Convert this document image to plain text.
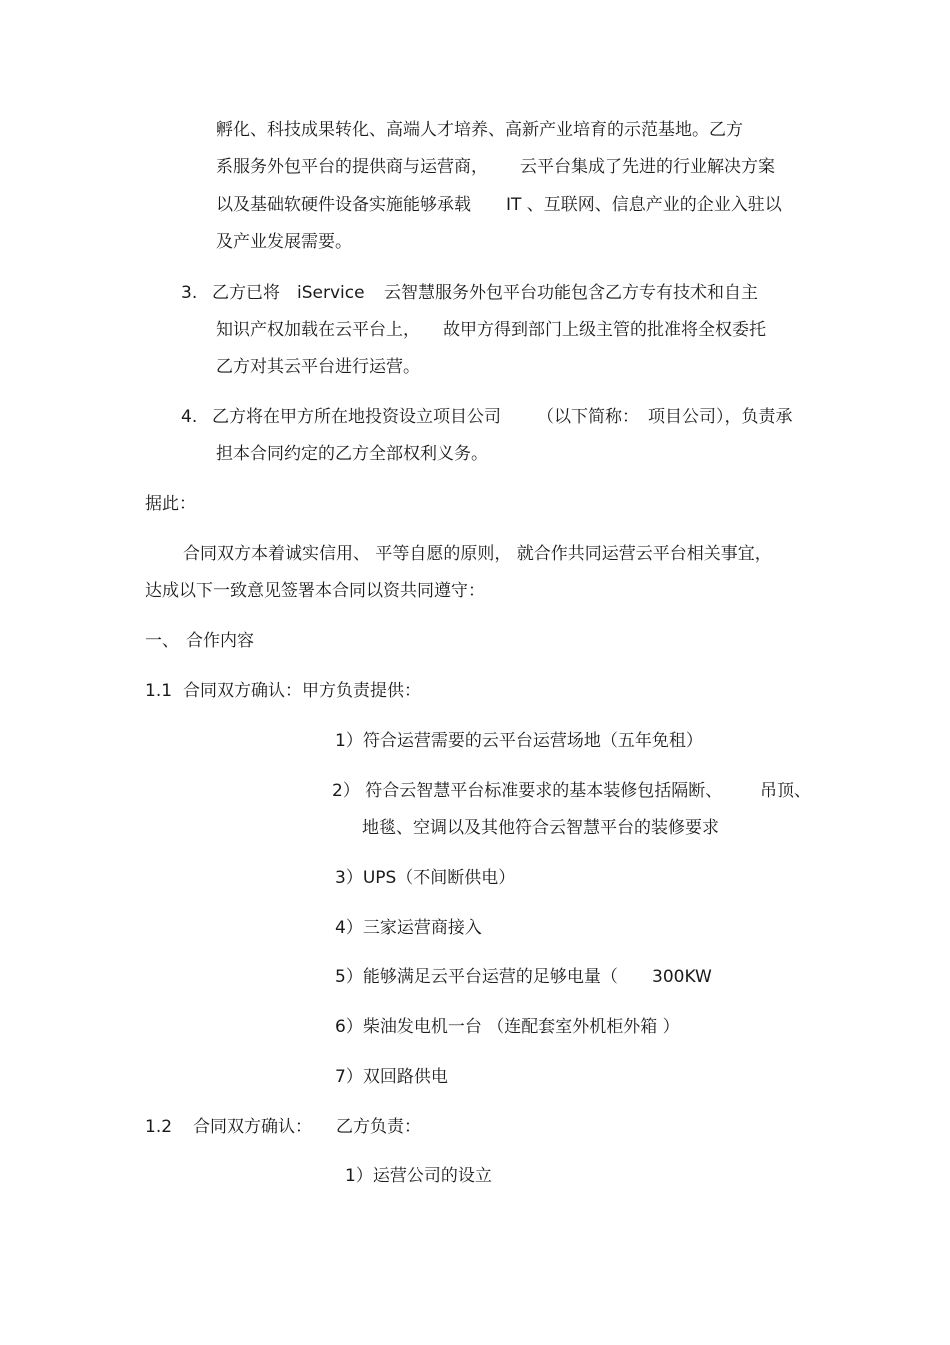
孵化、科技成果转化、高端人才培养、高新产业培育的示范基地。乙方
系服务外包平台的提供商与运营商， 云平台集成了先进的行业解决方案
以及基础软硬件设备实施能够承载 IT 、互联网、信息产业的企业入驻以
及产业发展需要。
3. 乙方已将 iService 云智慧服务外包平台功能包含乙方专有技术和自主
知识产权加载在云平台上， 故甲方得到部门上级主管的批准将全权委托
乙方对其云平台进行运营。
4. 乙方将在甲方所在地投资设立项目公司 （以下简称： 项目公司），负责承
担本合同约定的乙方全部权利义务。
据此：
合同双方本着诚实信用、 平等自愿的原则， 就合作共同运营云平台相关事宜，
达成以下一致意见签署本合同以资共同遵守：
一、 合作内容
1.1 合同双方确认：甲方负责提供：
1）符合运营需要的云平台运营场地（五年免租）
2） 符合云智慧平台标准要求的基本装修包括隔断、 吊顶、
地毯、空调以及其他符合云智慧平台的装修要求
3）UPS（不间断供电）
4）三家运营商接入
5）能够满足云平台运营的足够电量（ 300KW
6）柴油发电机一台 （连配套室外机柜外箱 ）
7）双回路供电
1.2 合同双方确认： 乙方负责：
1）运营公司的设立
